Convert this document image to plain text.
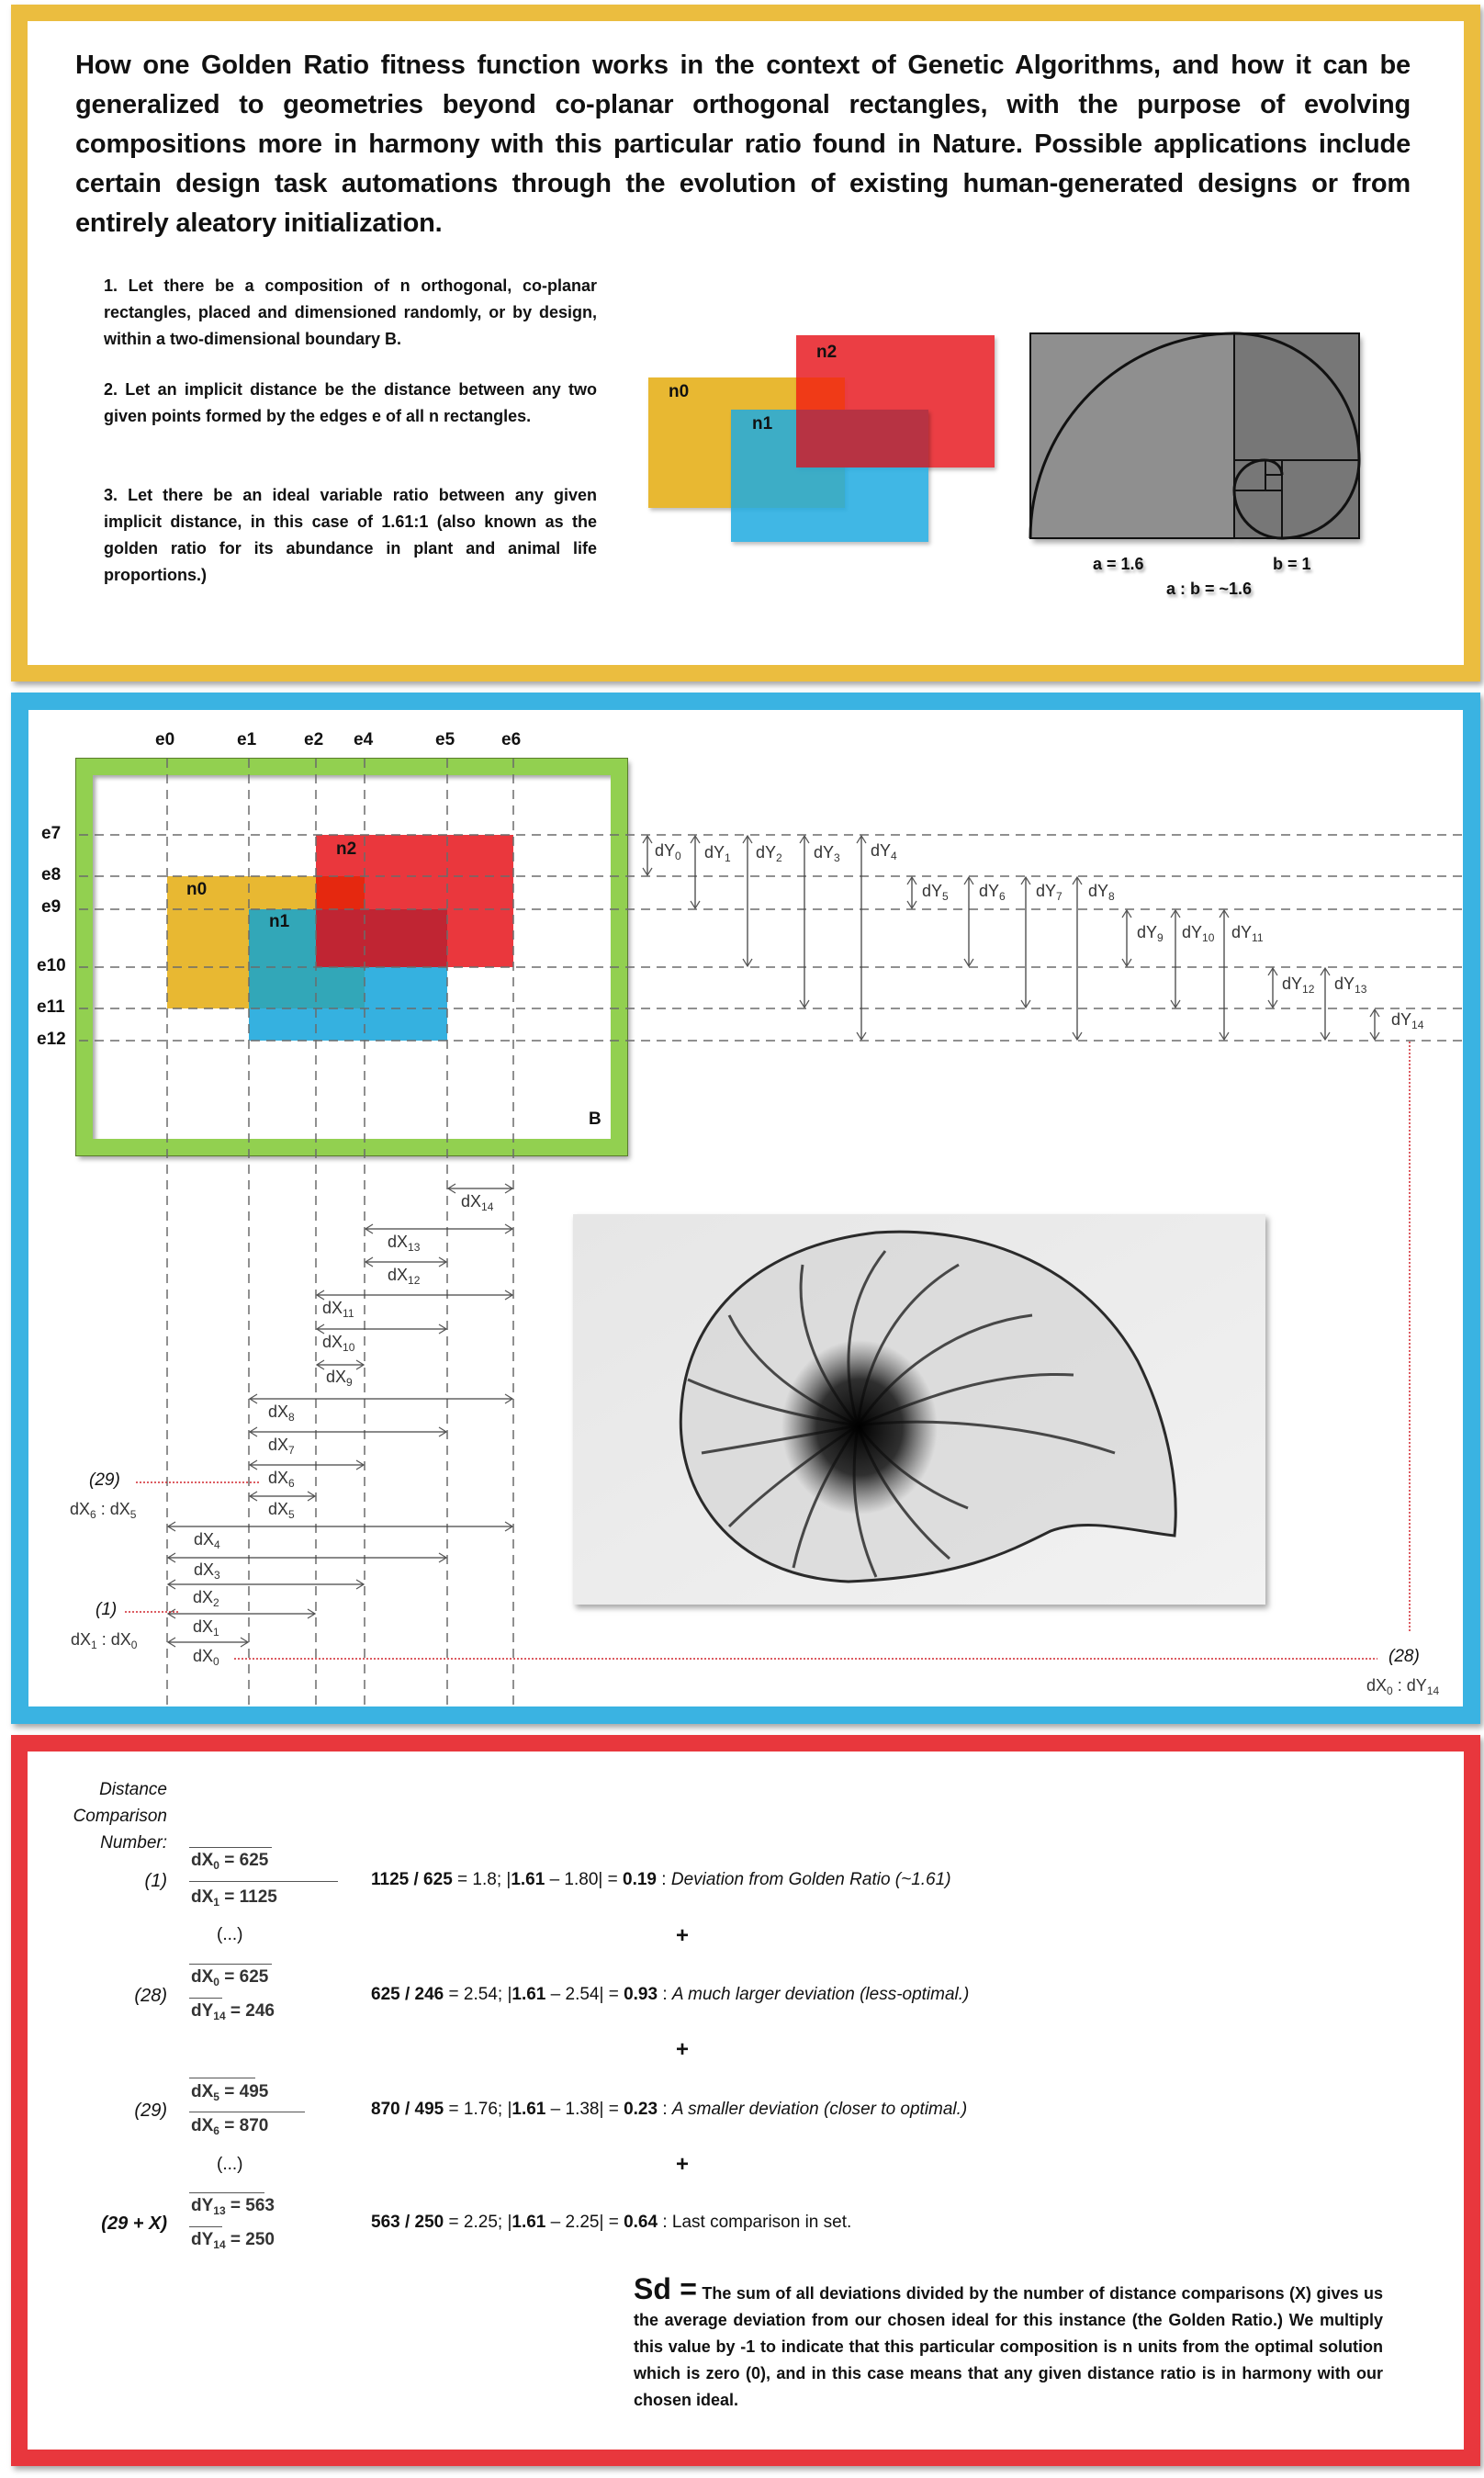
How one Golden Ratio fitness function works in the context of Genetic Algorithms, and how it can be generalized to geometries beyond co-planar orthogonal rectangles, with the purpose of evolving compositions more in harmony with this particular ratio found in Nature. Possible applications include certain design task automations through the evolution of existing human-generated designs or from entirely aleatory initialization.
1. Let there be a composition of n orthogonal, co-planar rectangles, placed and dimensioned randomly, or by design, within a two-dimensional boundary B.
2. Let an implicit distance be the distance between any two given points formed by the edges e of all n rectangles.
3. Let there be an ideal variable ratio between any given implicit distance, in this case of 1.61:1 (also known as the golden ratio for its abundance in plant and animal life proportions.)
n0
n1
n2
a = 1.6	b = 1
a : b = ~1.6
n0
n1
n2
B
e0	e1	e2 e4	e5	e6
e7
e8
e9
e10
e11
e12
$dY_0$ $dY_1$ $dY_2$ $dY_3$ $dY_4$
$dY_5$ $dY_6$ $dY_7$ $dY_8$
$dY_9$ $dY_{10}$ $dY_{11}$
$dY_{12}$ $dY_{13}$
$dY_{14}$
$dX_{14}$
$dX_{13}$
$dX_{12}$
$dX_{11}$
$dX_{10}$
$dX_9$
$dX_8$
$dX_7$
$dX_6$
$dX_5$
$dX_4$
$dX_3$
$dX_2$
$dX_1$
$dX_0$
(1)
$dX_1$ : $dX_0$
(29)
$dX_6$ : $dX_5$
(28)
$dX_0$ : $dY_{14}$
Distance
Comparison
Number:
(1)
$dX_0 = 625$
$dX_1 = 1125$
1125 / 625 = 1.8; |1.61 – 1.80| = 0.19 : Deviation from Golden Ratio (~1.61)
(...)	+
(28)
$dX_0 = 625$
$dY_{14} = 246$
625 / 246 = 2.54; |1.61 – 2.54| = 0.93 : A much larger deviation (less-optimal.)
+
(29)
$dX_5 = 495$
$dX_6 = 870$
870 / 495 = 1.76; |1.61 – 1.38| = 0.23 : A smaller deviation (closer to optimal.)
(...)	+
(29 + X)
$dY_{13} = 563$
$dY_{14} = 250$
563 / 250 = 2.25; |1.61 – 2.25| = 0.64 : Last comparison in set.
Sd = The sum of all deviations divided by the number of distance comparisons (X) gives us the average deviation from our chosen ideal for this instance (the Golden Ratio.) We multiply this value by -1 to indicate that this particular composition is n units from the optimal solution which is zero (0), and in this case means that any given distance ratio is in harmony with our chosen ideal.
